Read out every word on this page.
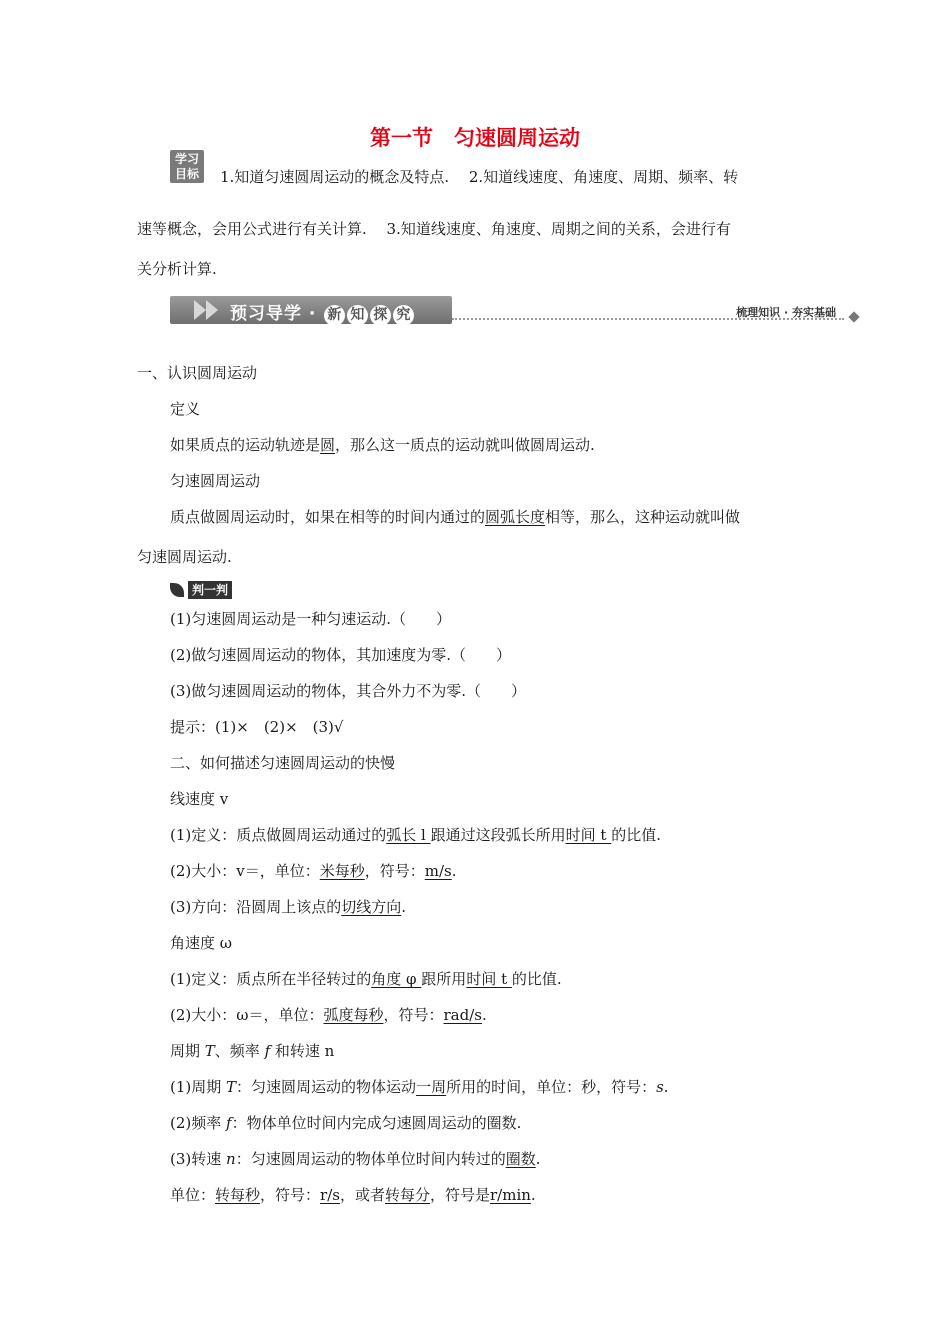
第一节　匀速圆周运动
学习
目标	1.知道匀速圆周运动的概念及特点.　 2.知道线速度、角速度、周期、频率、转
速等概念，会用公式进行有关计算.　 3.知道线速度、角速度、周期之间的关系，会进行有
关分析计算.
预习导学 · 新 知 探 究	梳理知识 · 夯实基础
一、认识圆周运动
定义
如果质点的运动轨迹是圆，那么这一质点的运动就叫做圆周运动.
匀速圆周运动
质点做圆周运动时，如果在相等的时间内通过的圆弧长度相等，那么，这种运动就叫做
匀速圆周运动.
判一判
(1)匀速圆周运动是一种匀速运动.（　　）
(2)做匀速圆周运动的物体，其加速度为零.（　　）
(3)做匀速圆周运动的物体，其合外力不为零.（　　）
提示：(1)×　(2)×　(3)√
二、如何描述匀速圆周运动的快慢
线速度 v
(1)定义：质点做圆周运动通过的弧长 l 跟通过这段弧长所用时间 t 的比值.
(2)大小：v＝，单位：米每秒，符号：m/s.
(3)方向：沿圆周上该点的切线方向.
角速度 ω
(1)定义：质点所在半径转过的角度 φ 跟所用时间 t 的比值.
(2)大小：ω＝，单位：弧度每秒，符号：rad/s.
周期 T、频率 f 和转速 n
(1)周期 T：匀速圆周运动的物体运动一周所用的时间，单位：秒，符号：s.
(2)频率 f：物体单位时间内完成匀速圆周运动的圈数.
(3)转速 n：匀速圆周运动的物体单位时间内转过的圈数.
单位：转每秒，符号：r/s，或者转每分，符号是r/min.
